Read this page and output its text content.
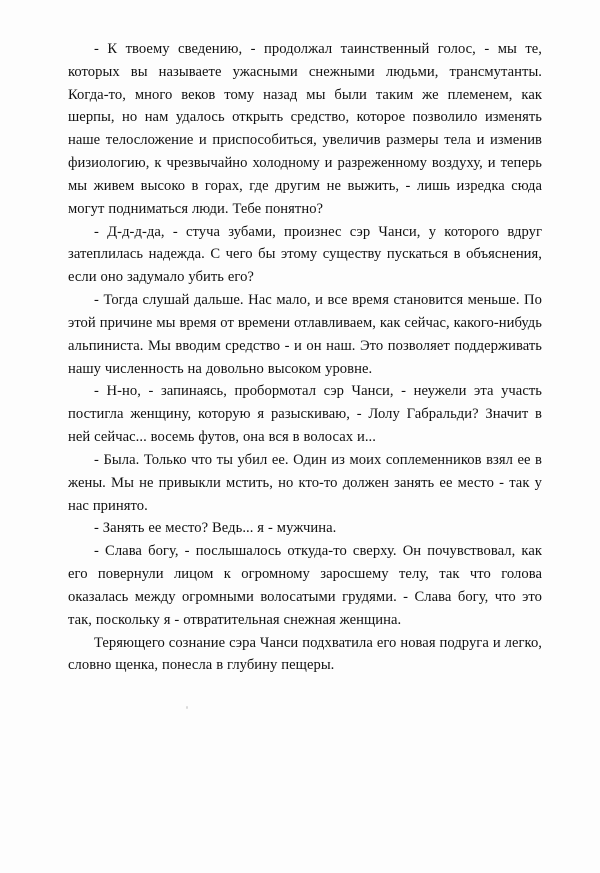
- К твоему сведению, - продолжал таинственный голос, - мы те, которых вы называете ужасными снежными людьми, трансмутанты. Когда-то, много веков тому назад мы были таким же племенем, как шерпы, но нам удалось открыть средство, которое позволило изменять наше телосложение и приспособиться, увеличив размеры тела и изменив физиологию, к чрезвычайно холодному и разреженному воздуху, и теперь мы живем высоко в горах, где другим не выжить, - лишь изредка сюда могут подниматься люди. Тебе понятно?

- Д-д-д-да, - стуча зубами, произнес сэр Чанси, у которого вдруг затеплилась надежда. С чего бы этому существу пускаться в объяснения, если оно задумало убить его?

- Тогда слушай дальше. Нас мало, и все время становится меньше. По этой причине мы время от времени отлавливаем, как сейчас, какого-нибудь альпиниста. Мы вводим средство - и он наш. Это позволяет поддерживать нашу численность на довольно высоком уровне.

- Н-но, - запинаясь, пробормотал сэр Чанси, - неужели эта участь постигла женщину, которую я разыскиваю, - Лолу Габральди? Значит в ней сейчас... восемь футов, она вся в волосах и...

- Была. Только что ты убил ее. Один из моих соплеменников взял ее в жены. Мы не привыкли мстить, но кто-то должен занять ее место - так у нас принято.

- Занять ее место? Ведь... я - мужчина.

- Слава богу, - послышалось откуда-то сверху. Он почувствовал, как его повернули лицом к огромному заросшему телу, так что голова оказалась между огромными волосатыми грудями. - Слава богу, что это так, поскольку я - отвратительная снежная женщина.

Теряющего сознание сэра Чанси подхватила его новая подруга и легко, словно щенка, понесла в глубину пещеры.
